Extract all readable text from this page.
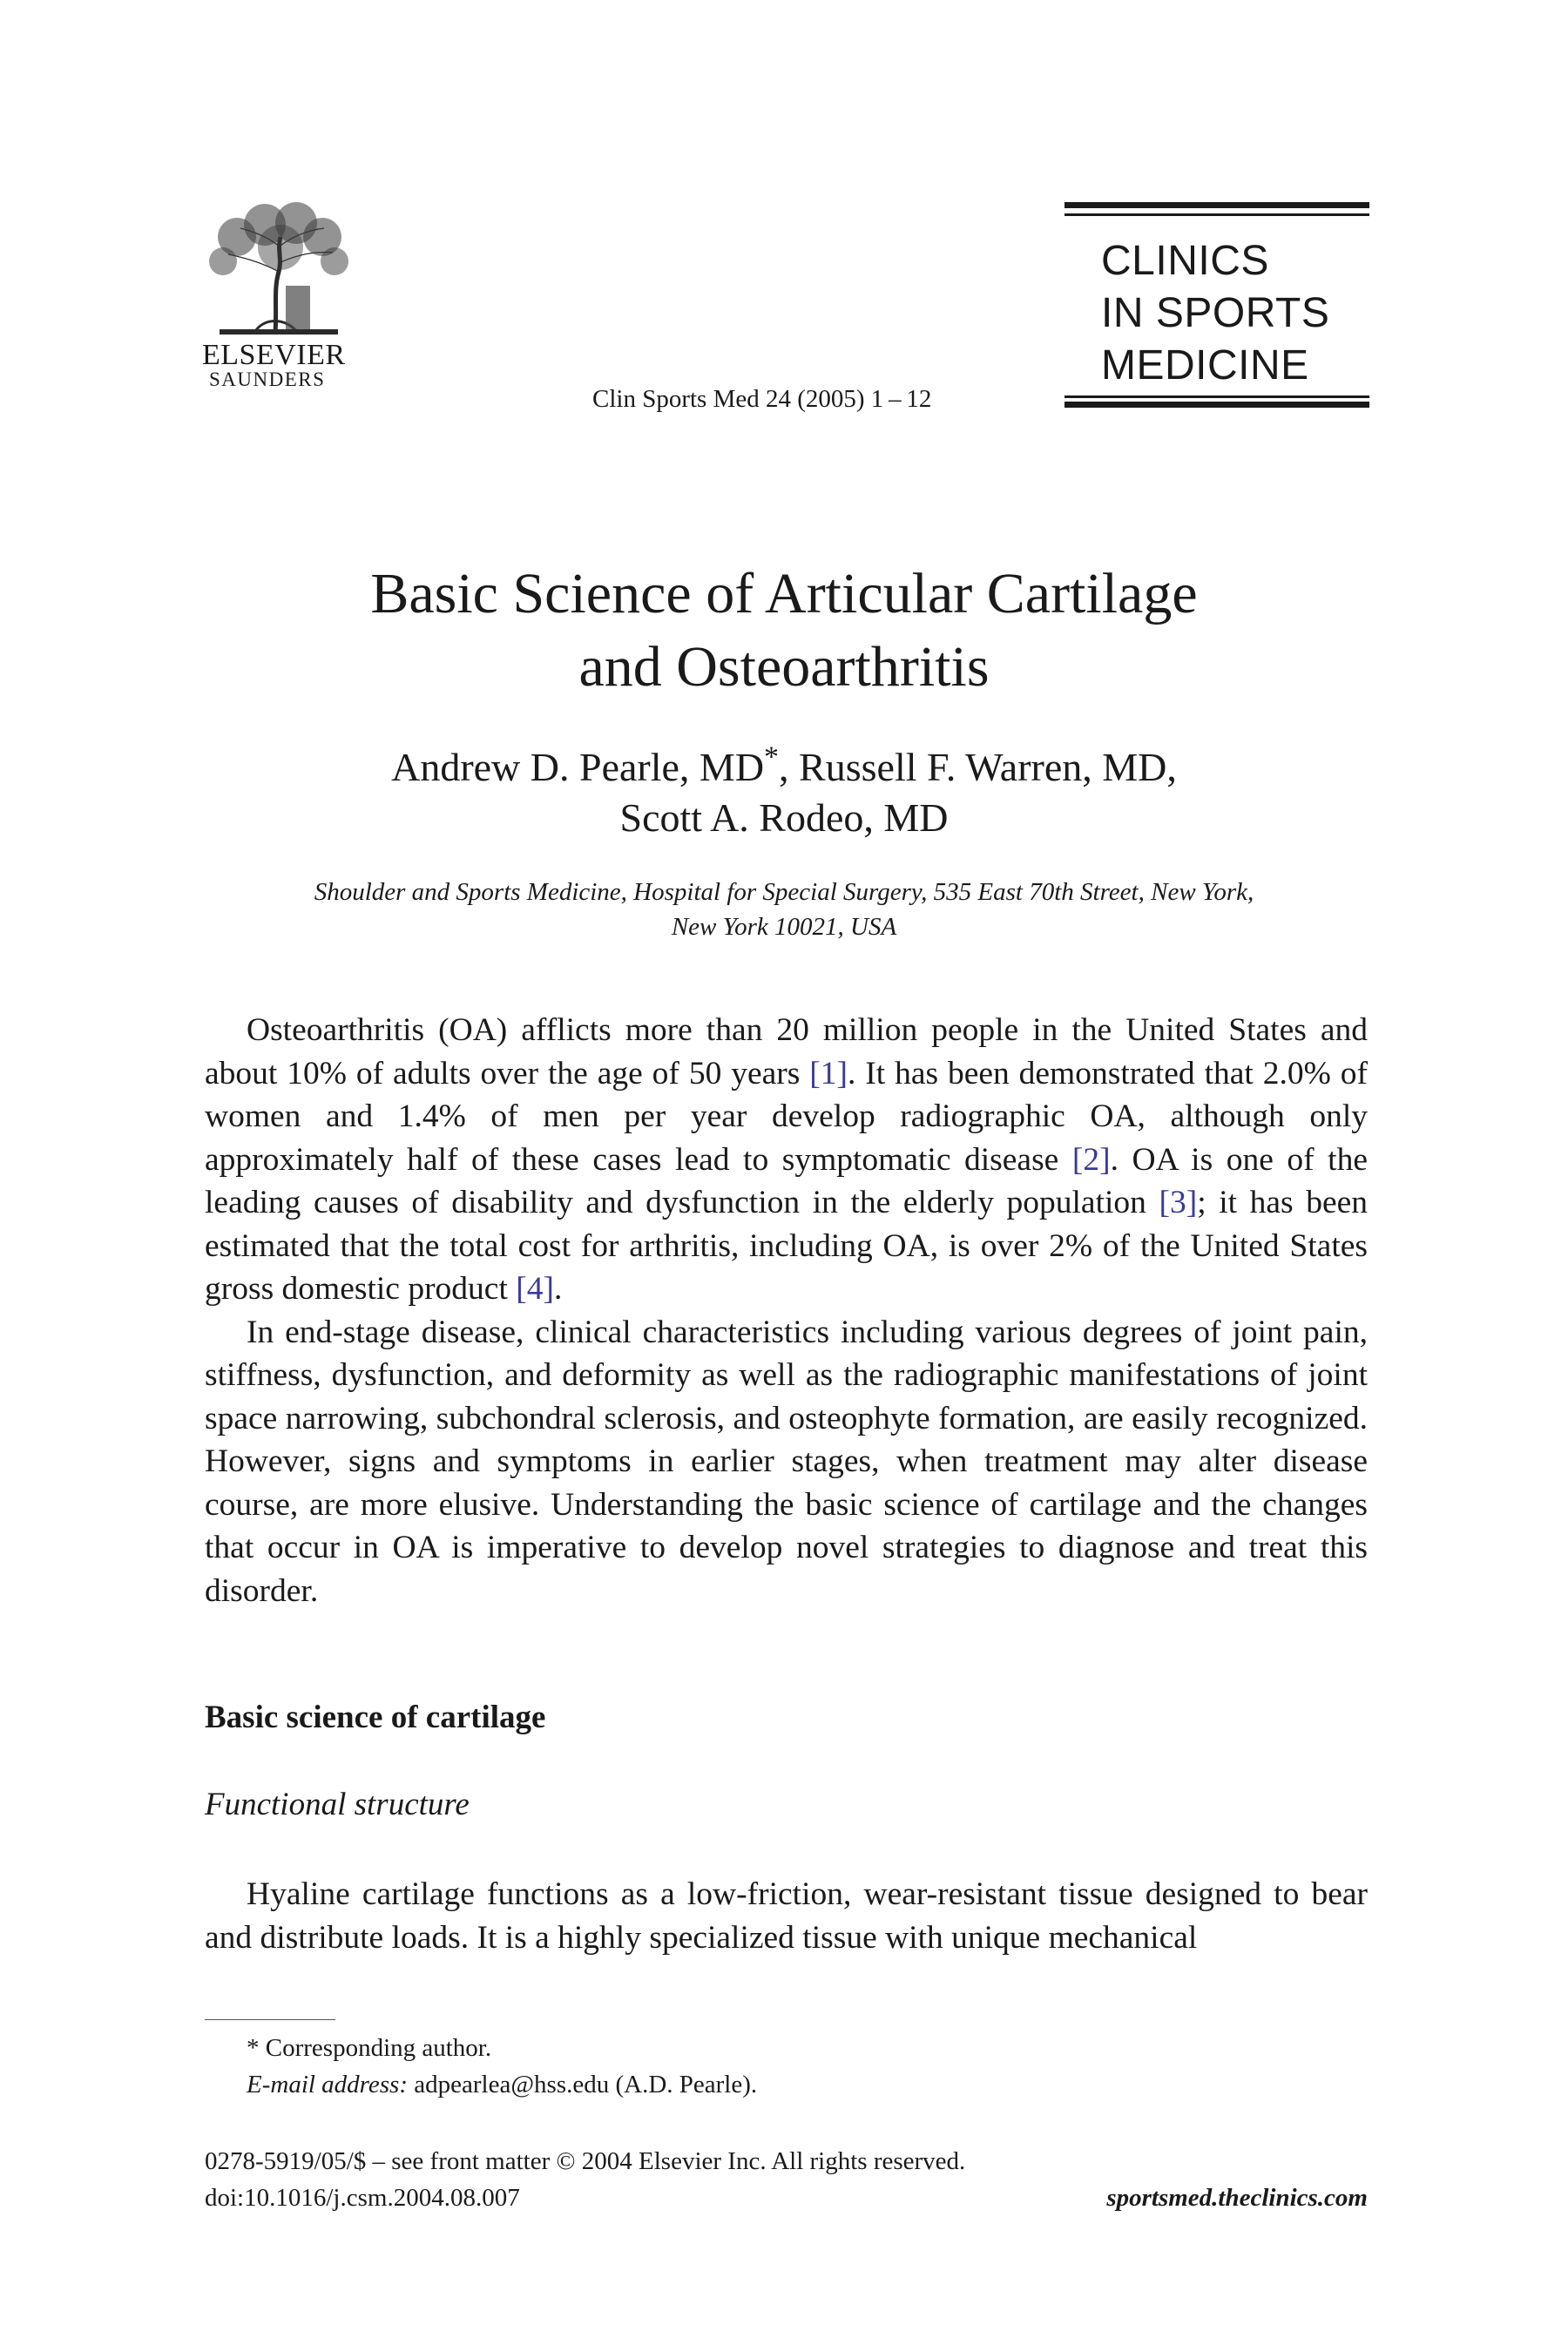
ELSEVIER
SAUNDERS
Clin Sports Med 24 (2005) 1 – 12
CLINICS
IN SPORTS
MEDICINE
Basic Science of Articular Cartilage
and Osteoarthritis
Andrew D. Pearle, MD*, Russell F. Warren, MD,
Scott A. Rodeo, MD
Shoulder and Sports Medicine, Hospital for Special Surgery, 535 East 70th Street, New York,
New York 10021, USA

Osteoarthritis (OA) afflicts more than 20 million people in the United States and about 10% of adults over the age of 50 years [1]. It has been demonstrated that 2.0% of women and 1.4% of men per year develop radiographic OA, although only approximately half of these cases lead to symptomatic disease [2]. OA is one of the leading causes of disability and dysfunction in the elderly population [3]; it has been estimated that the total cost for arthritis, including OA, is over 2% of the United States gross domestic product [4].

In end-stage disease, clinical characteristics including various degrees of joint pain, stiffness, dysfunction, and deformity as well as the radiographic manifestations of joint space narrowing, subchondral sclerosis, and osteophyte formation, are easily recognized. However, signs and symptoms in earlier stages, when treatment may alter disease course, are more elusive. Understanding the basic science of cartilage and the changes that occur in OA is imperative to develop novel strategies to diagnose and treat this disorder.

Basic science of cartilage
Functional structure

Hyaline cartilage functions as a low-friction, wear-resistant tissue designed to bear and distribute loads. It is a highly specialized tissue with unique mechanical

* Corresponding author.
E-mail address: adpearlea@hss.edu (A.D. Pearle).
0278-5919/05/$ – see front matter © 2004 Elsevier Inc. All rights reserved.
doi:10.1016/j.csm.2004.08.007	sportsmed.theclinics.com
